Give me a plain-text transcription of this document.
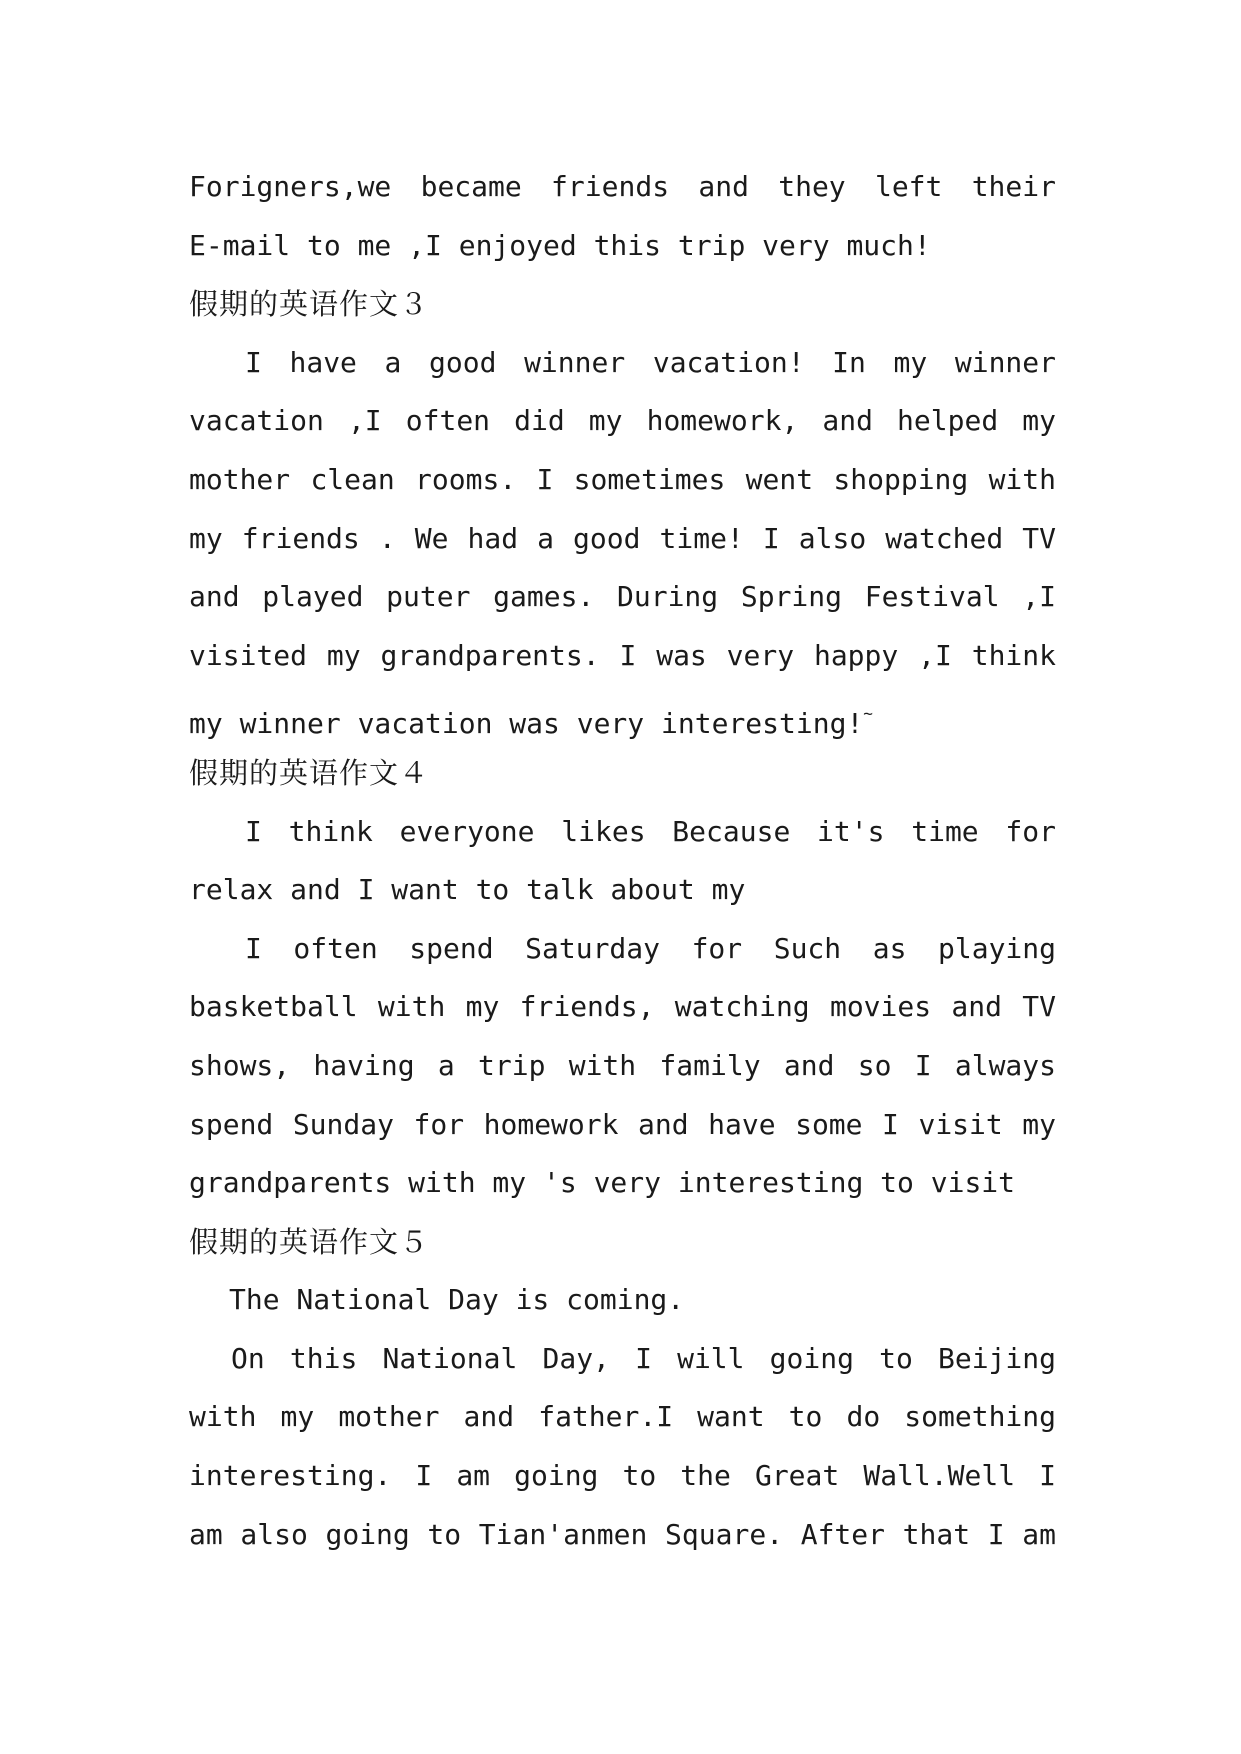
Forigners,we became friends and they left their
E-mail to me ,I enjoyed this trip very much!
假期的英语作文３
I have a good winner vacation! In my winner
vacation ,I often did my homework, and helped my
mother clean rooms. I sometimes went shopping with
my friends . We had a good time! I also watched TV
and played puter games. During Spring Festival ,I
visited my grandparents. I was very happy ,I think
my winner vacation was very interesting!~
假期的英语作文４
I think everyone likes Because it's time for
relax and I want to talk about my
I often spend Saturday for Such as playing
basketball with my friends, watching movies and TV
shows, having a trip with family and so I always
spend Sunday for homework and have some I visit my
grandparents with my 's very interesting to visit
假期的英语作文５
The National Day is coming.
On this National Day, I will going to Beijing
with my mother and father.I want to do something
interesting. I am going to the Great Wall.Well I
am also going to Tian'anmen Square. After that I am
